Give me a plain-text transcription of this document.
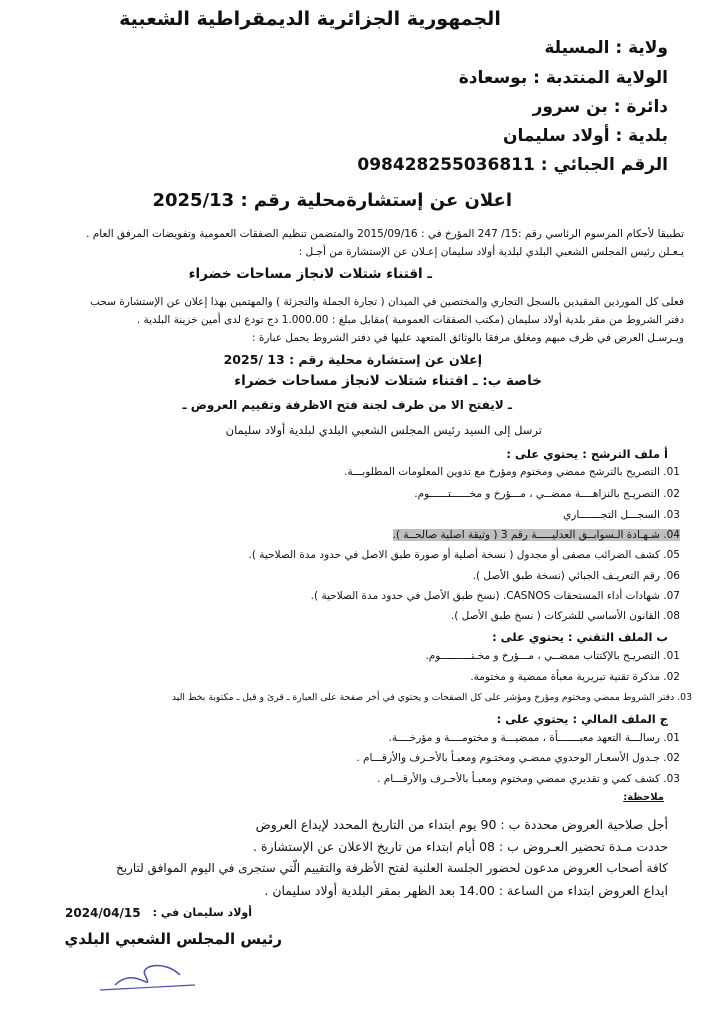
الجمهورية الجزائرية الديمقراطية الشعبية
ولاية : المسيلة
الولاية المنتدبة : بوسعادة
دائرة : بن سرور
بلدية : أولاد سليمان
الرقم الجبائي : 09842825503681‍1
اعلان عن إستشارةمحلية رقم : 2025/13
تطبيقا لأحكام المرسوم الرئاسي رقم :15/ 247 المؤرخ في : 2015/09/16 والمتضمن تنظيم الصفقات العمومية وتفويضات المرفق العام .
يـعـلن رئيس المجلس الشعبي البلدي لبلدية أولاد سليمان إعـلان عن الإستشارة من أجـل :
ـ اقتناء شتلات لانجاز مساحات خضراء
فعلى كل الموردين المقيدين بالسجل التجاري والمختصين في الميدان ( تجارة الجملة والتجزئة ) والمهتمين بهذا إعلان عن الإستشارة سحب
دفتر الشروط من مقر بلدية أولاد سليمان (مكتب الصفقات العمومية )مقابل مبلغ : 1.000.00 دج تودع لدى أمين خزينة البلدية .
ويـرسـل العرض في ظرف مبهم ومغلق مرفقا بالوثائق المتعهد عليها في دفتر الشروط يحمل عبارة :
إعلان عن إستشارة محلية رقم : 13 /2025
خاصة ب: ـ اقتناء شتلات لانجاز مساحات خضراء
ـ لايفتح الا من طرف لجنة فتح الاظرفة وتقييم العروض ـ
ترسل إلى السيد رئيس المجلس الشعبي البلدي لبلدية أولاد سليمان
أ ملف الترشح : يحتوي على :
01. التصريح بالترشح ممضي ومختوم ومؤرخ مع تدوين المعلومات المطلوبـــة.
02. التصريـح بالنزاهــــة ممضــي ، مـــؤرخ و مخــــــتــــــوم.
03. السجـــل التجـــــــاري
04. شـهـادة الـسوابــق العدليـــــة رقم 3 ( وثيقة اصلية صالحــة ).
05. كشف الضرائب مصفى أو مجدول ( نسخة أصلية أو صورة طبق الاصل في حدود مدة الصلاحية ).
06. رقم التعريـف الجبائي (نسخة طبق الأصل ).
07. شهادات أداء المستحقات CASNOS. (نسخ طبق الأصل في حدود مدة الصلاحية ).
08. القانون الأساسي للشركات ( نسخ طبق الأصل ).
ب الملف التقني : يحتوي على :
01. التصريـح بالإكتتاب ممضــي ، مـــؤرخ و مخـتــــــــــوم.
02. مذكرة تقنية تبريرية معبأة ممضية و مختومة.
03. دفتر الشروط ممضي ومختوم ومؤرخ ومؤشر على كل الصفحات و يحتوي في أخر صفحة على العبارة ـ قرئ و قبل ـ مكتوبة بخط اليد
ج الملف المالي : يحتوي على :
01. رسالـــة التعهد معبـــــــأة ، ممضيـــة و مختومــــة و مؤرخــــة.
02. جـدول الأسعـار الوحدوي ممضـي ومختـوم ومعبـأ بالأحـرف والأرقـــام .
03. كشف كمي و تقديري ممضي ومختوم ومعبـأ بالأحـرف والأرقـــام .
ملاحظة:
أجل صلاحية العروض محددة ب : 90 يوم ابتداء من التاريخ المحدد لإيداع العروض
حددت مـدة تحضير العـروض ب : 08 أيام ابتداء من تاريخ الاعلان عن الإستشارة .
كافة أصحاب العروض مدعون لحضور الجلسة العلنية لفتح الأظرفة والتقييم الّتي ستجرى في اليوم الموافق لتاريخ
ايداع العروض ابتداء من الساعة : 14.00 بعد الظهر بمقر البلدية أولاد سليمان .
أولاد سليمان في :
2024/04/15
رئيس المجلس الشعبي البلدي
